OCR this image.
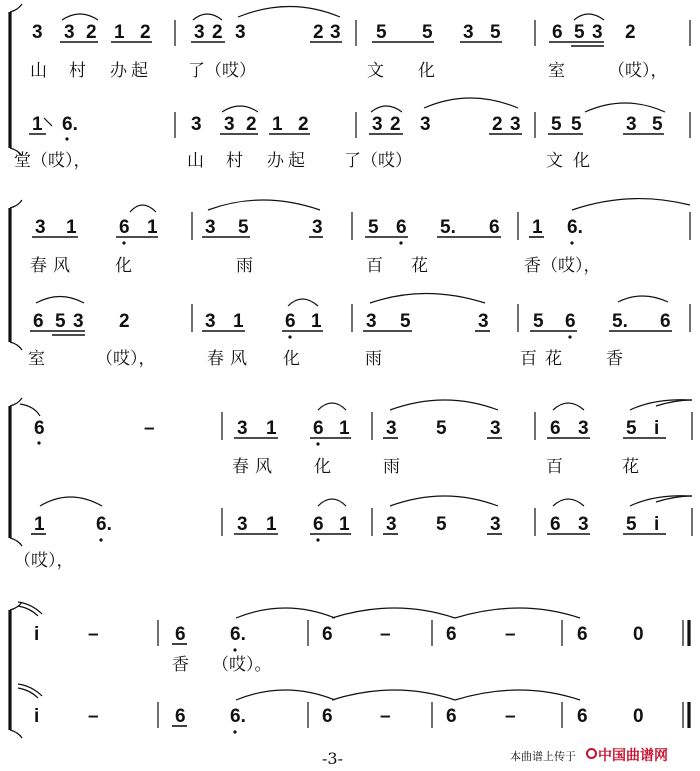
3 3 2 1 2 3 2 3	2 3 5 5 3 5	6 5 3 2
山村 办起 了（哎）	文 化	室	（哎），
1 6.	3 3 2 1 2	3 2 3	2 3 5 5 3 5
堂（哎），	山村 办起 了（哎）	文化
3 1 6 1 3 5	3 5 6 5. 6 1 6.
春风 化	雨	百花	香（哎），
6 5 3 2	3 1 6 1 3 5	3 5 6 5. 6
室	（哎），	春风 化	雨	百花 香
6	–	3 1 6 1 3 5 3	6 3 5 i
春风 化	雨	百	花
1	6.	3 1 6 1 3 5 3	6 3 5 i
（哎），
i	–	6 6.	6 –	6	–	6 0
香 （哎）。
i	–	6 6.	6 –	6	–	6 0
-3-	本曲谱上传于 中国曲谱网
